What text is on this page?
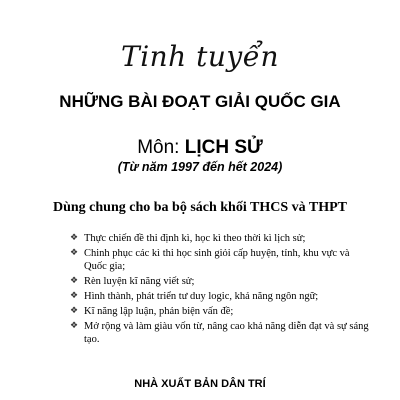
Tinh tuyển
NHỮNG BÀI ĐOẠT GIẢI QUỐC GIA
Môn: LỊCH SỬ
(Từ năm 1997 đến hết 2024)
Dùng chung cho ba bộ sách khối THCS và THPT
❖ Thực chiến đề thi định kì, học kì theo thời kì lịch sử;
❖ Chinh phục các kì thi học sinh giỏi cấp huyện, tỉnh, khu vực và Quốc gia;
❖ Rèn luyện kĩ năng viết sử;
❖ Hình thành, phát triển tư duy logic, khả năng ngôn ngữ;
❖ Kĩ năng lập luận, phản biện vấn đề;
❖ Mở rộng và làm giàu vốn từ, nâng cao khả năng diễn đạt và sự sáng tạo.
NHÀ XUẤT BẢN DÂN TRÍ
